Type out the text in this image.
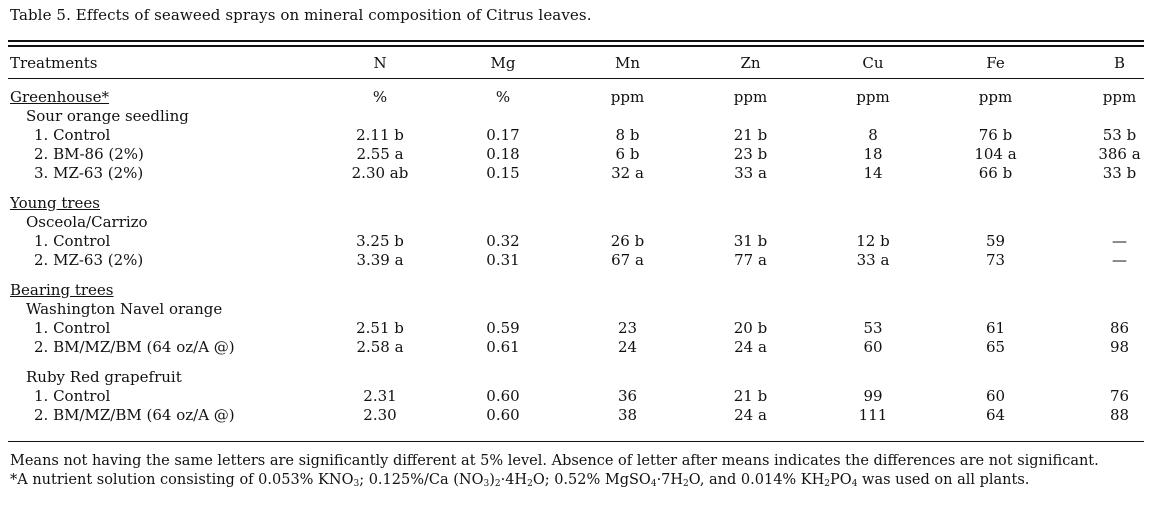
Table 5. Effects of seaweed sprays on mineral composition of Citrus leaves.
Treatments	N	Mg	Mn	Zn	Cu	Fe	B

Greenhouse*	%	%	ppm	ppm	ppm	ppm	ppm
Sour orange seedling							
1. Control	2.11 b	0.17	8 b	21 b	8	76 b	53 b
2. BM-86 (2%)	2.55 a	0.18	6 b	23 b	18	104 a	386 a
3. MZ-63 (2%)	2.30 ab	0.15	32 a	33 a	14	66 b	33 b

Young trees							
Osceola/Carrizo							
1. Control	3.25 b	0.32	26 b	31 b	12 b	59	—
2. MZ-63 (2%)	3.39 a	0.31	67 a	77 a	33 a	73	—

Bearing trees							
Washington Navel orange							
1. Control	2.51 b	0.59	23	20 b	53	61	86
2. BM/MZ/BM (64 oz/A @)	2.58 a	0.61	24	24 a	60	65	98

Ruby Red grapefruit							
1. Control	2.31	0.60	36	21 b	99	60	76
2. BM/MZ/BM (64 oz/A @)	2.30	0.60	38	24 a	111	64	88
Means not having the same letters are significantly different at 5% level. Absence of letter after means indicates the differences are not significant.
*A nutrient solution consisting of 0.053% $KNO_3$; 0.125%/Ca $(NO_3)_2\cdot 4H_2O$; 0.52% $MgSO_4\cdot 7H_2O$, and 0.014% $KH_2PO_4$ was used on all plants.
